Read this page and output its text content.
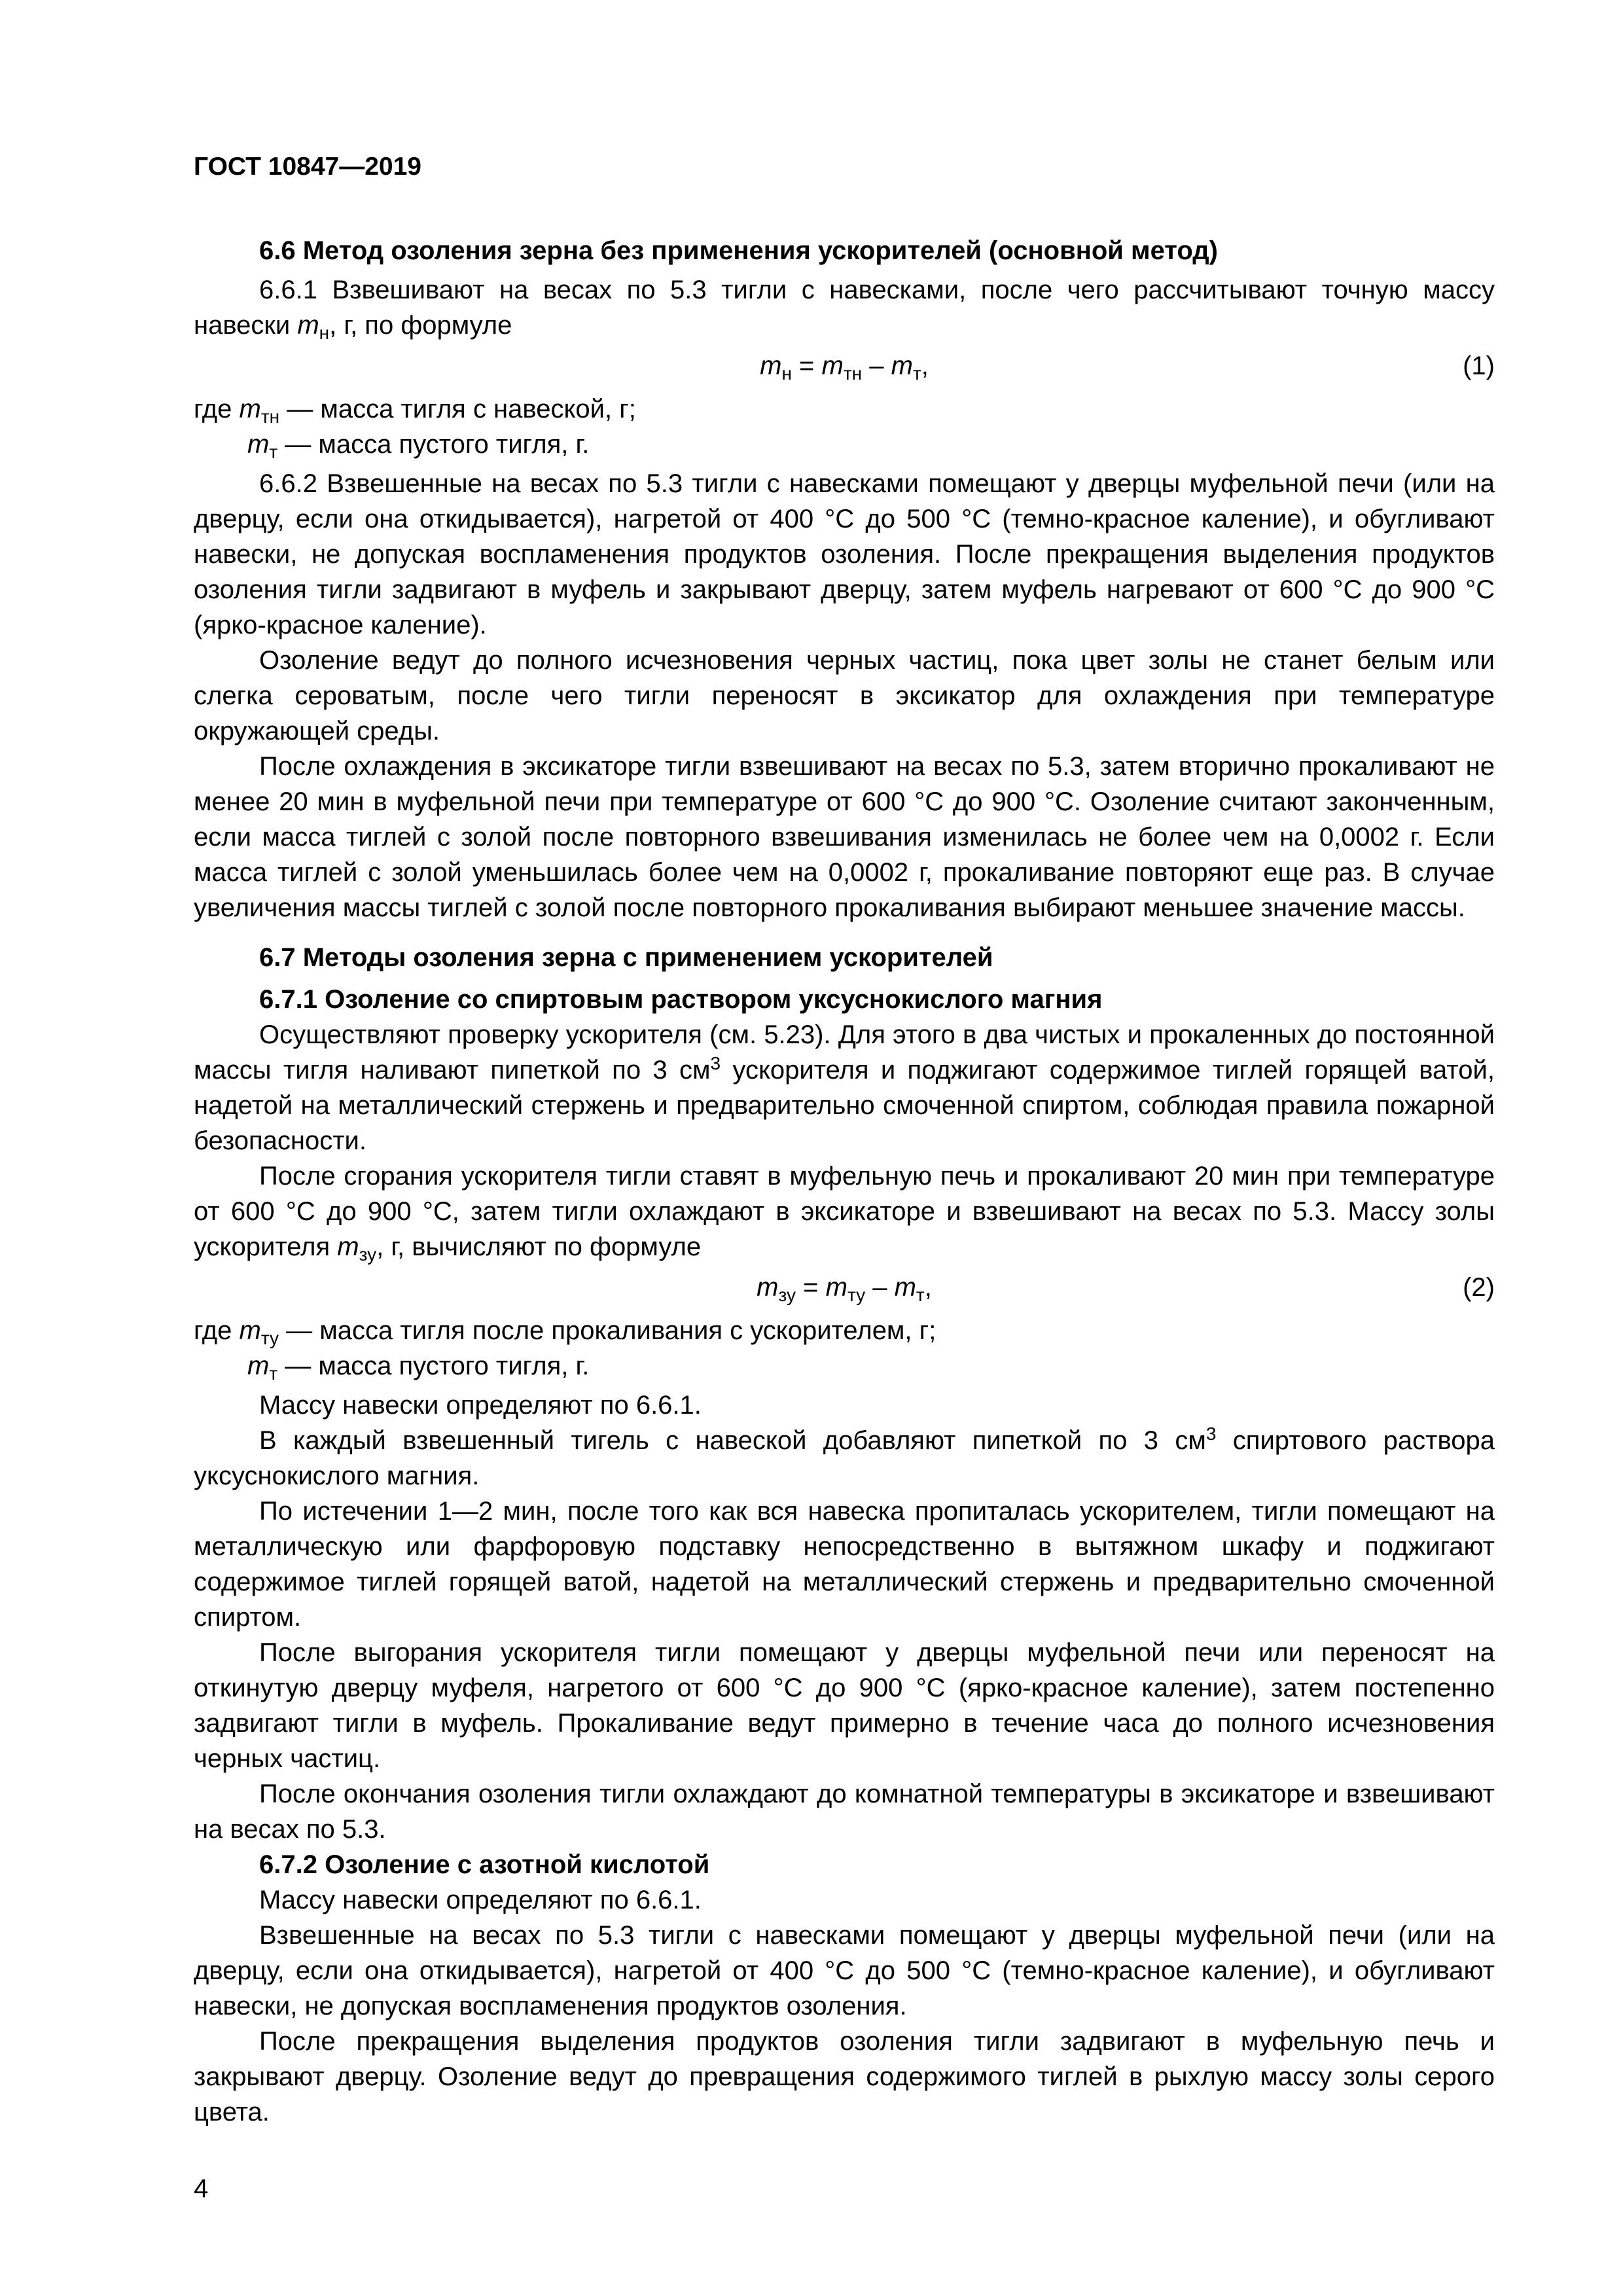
ГОСТ 10847—2019
6.6 Метод озоления зерна без применения ускорителей (основной метод)
6.6.1 Взвешивают на весах по 5.3 тигли с навесками, после чего рассчитывают точную массу навески $m_н$, г, по формуле
$m_н = m_{тн} - m_т$,	(1)
где $m_{тн}$ — масса тигля с навеской, г;
$m_т$ — масса пустого тигля, г.
6.6.2 Взвешенные на весах по 5.3 тигли с навесками помещают у дверцы муфельной печи (или на дверцу, если она откидывается), нагретой от 400 °С до 500 °С (темно-красное каление), и обугливают навески, не допуская воспламенения продуктов озоления. После прекращения выделения продуктов озоления тигли задвигают в муфель и закрывают дверцу, затем муфель нагревают от 600 °С до 900 °С (ярко-красное каление).
Озоление ведут до полного исчезновения черных частиц, пока цвет золы не станет белым или слегка сероватым, после чего тигли переносят в эксикатор для охлаждения при температуре окружающей среды.
После охлаждения в эксикаторе тигли взвешивают на весах по 5.3, затем вторично прокаливают не менее 20 мин в муфельной печи при температуре от 600 °С до 900 °С. Озоление считают законченным, если масса тиглей с золой после повторного взвешивания изменилась не более чем на 0,0002 г. Если масса тиглей с золой уменьшилась более чем на 0,0002 г, прокаливание повторяют еще раз. В случае увеличения массы тиглей с золой после повторного прокаливания выбирают меньшее значение массы.
6.7 Методы озоления зерна с применением ускорителей
6.7.1 Озоление со спиртовым раствором уксуснокислого магния
Осуществляют проверку ускорителя (см. 5.23). Для этого в два чистых и прокаленных до постоянной массы тигля наливают пипеткой по 3 $см^3$ ускорителя и поджигают содержимое тиглей горящей ватой, надетой на металлический стержень и предварительно смоченной спиртом, соблюдая правила пожарной безопасности.
После сгорания ускорителя тигли ставят в муфельную печь и прокаливают 20 мин при температуре от 600 °С до 900 °С, затем тигли охлаждают в эксикаторе и взвешивают на весах по 5.3. Массу золы ускорителя $m_{зу}$, г, вычисляют по формуле
$m_{зу} = m_{ту} - m_т$,	(2)
где $m_{ту}$ — масса тигля после прокаливания с ускорителем, г;
$m_т$ — масса пустого тигля, г.
Массу навески определяют по 6.6.1.
В каждый взвешенный тигель с навеской добавляют пипеткой по 3 $см^3$ спиртового раствора уксуснокислого магния.
По истечении 1—2 мин, после того как вся навеска пропиталась ускорителем, тигли помещают на металлическую или фарфоровую подставку непосредственно в вытяжном шкафу и поджигают содержимое тиглей горящей ватой, надетой на металлический стержень и предварительно смоченной спиртом.
После выгорания ускорителя тигли помещают у дверцы муфельной печи или переносят на откинутую дверцу муфеля, нагретого от 600 °С до 900 °С (ярко-красное каление), затем постепенно задвигают тигли в муфель. Прокаливание ведут примерно в течение часа до полного исчезновения черных частиц.
После окончания озоления тигли охлаждают до комнатной температуры в эксикаторе и взвешивают на весах по 5.3.
6.7.2 Озоление с азотной кислотой
Массу навески определяют по 6.6.1.
Взвешенные на весах по 5.3 тигли с навесками помещают у дверцы муфельной печи (или на дверцу, если она откидывается), нагретой от 400 °С до 500 °С (темно-красное каление), и обугливают навески, не допуская воспламенения продуктов озоления.
После прекращения выделения продуктов озоления тигли задвигают в муфельную печь и закрывают дверцу. Озоление ведут до превращения содержимого тиглей в рыхлую массу золы серого цвета.
4
